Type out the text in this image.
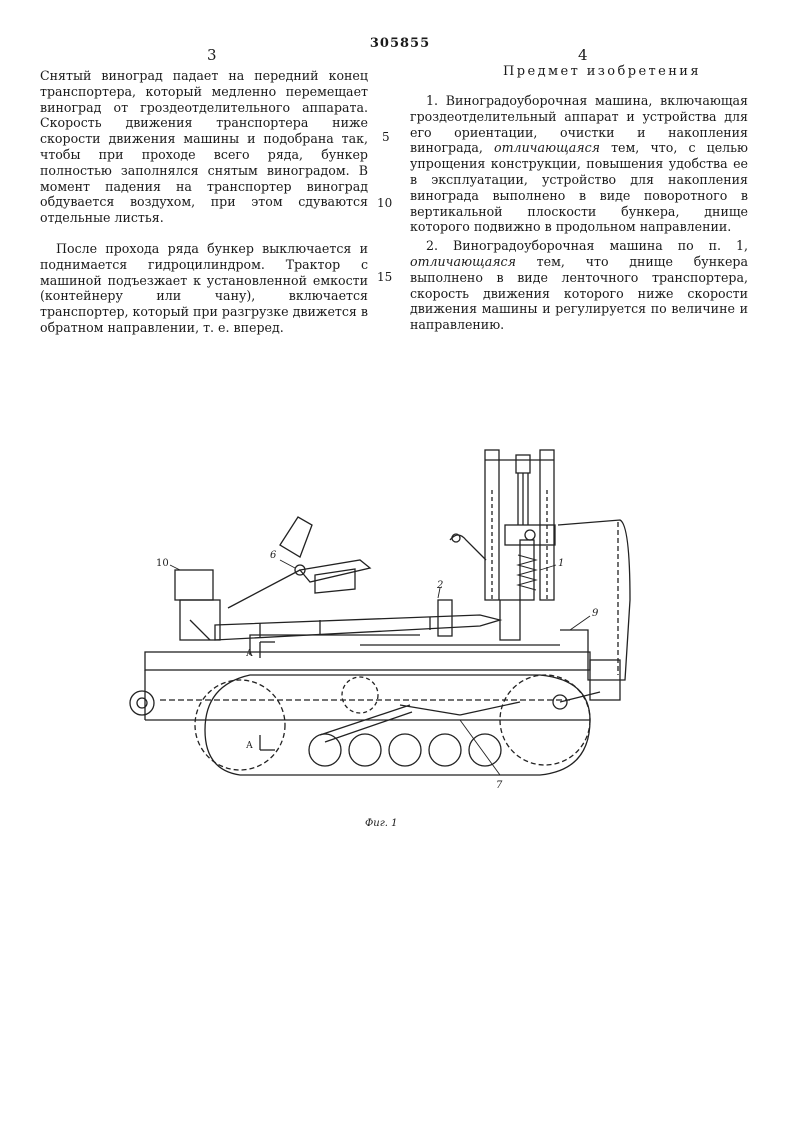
305855
3	4

Снятый виноград падает на передний конец транспортера, который медленно перемещает виноград от гроздеотделительного аппарата. Скорость движения транспортера ниже скорости движения машины и подобрана так, чтобы при проходе всего ряда, бункер полностью заполнялся снятым виноградом. В момент падения на транспортер виноград обдувается воздухом, при этом сдуваются отдельные листья.

После прохода ряда бункер выключается и поднимается гидроцилиндром. Трактор с машиной подъезжает к установленной емкости (контейнеру или чану), включается транспортер, который при разгрузке движется в обратном направлении, т. е. вперед.

5
10
15
Предмет изобретения

1. Виноградоуборочная машина, включающая гроздеотделительный аппарат и устройства для его ориентации, очистки и накопления винограда, отличающаяся тем, что, с целью упрощения конструкции, повышения удобства ее в эксплуатации, устройство для накопления винограда выполнено в виде поворотного в вертикальной плоскости бункера, днище которого подвижно в продольном направлении.

2. Виноградоуборочная машина по п. 1, отличающаяся тем, что днище бункера выполнено в виде ленточного транспортера, скорость движения которого ниже скорости движения машины и регулируется по величине и направлению.

10
6
2
1
9
7
А
А
Фиг. 1
